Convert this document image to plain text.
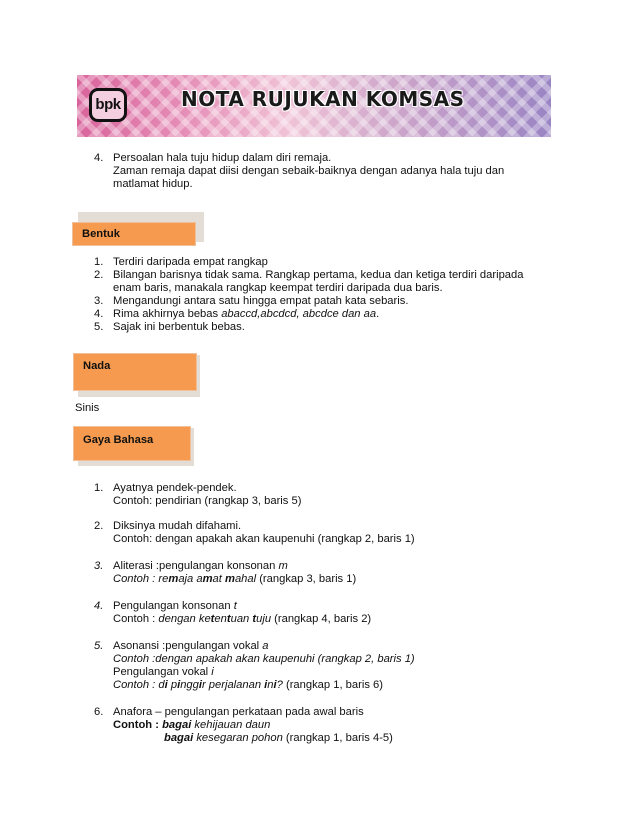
bpk	NOTA RUJUKAN KOMSAS
4. Persoalan hala tuju hidup dalam diri remaja.
Zaman remaja dapat diisi dengan sebaik-baiknya dengan adanya hala tuju dan
matlamat hidup.
Bentuk
1. Terdiri daripada empat rangkap
2. Bilangan barisnya tidak sama. Rangkap pertama, kedua dan ketiga terdiri daripada
enam baris, manakala rangkap keempat terdiri daripada dua baris.
3. Mengandungi antara satu hingga empat patah kata sebaris.
4. Rima akhirnya bebas abaccd,abcdcd, abcdce dan aa.
5. Sajak ini berbentuk bebas.
Nada
Sinis
Gaya Bahasa
1. Ayatnya pendek-pendek.
Contoh: pendirian (rangkap 3, baris 5)
2. Diksinya mudah difahami.
Contoh: dengan apakah akan kaupenuhi (rangkap 2, baris 1)
3. Aliterasi :pengulangan konsonan m
Contoh : remaja amat mahal (rangkap 3, baris 1)
4. Pengulangan konsonan t
Contoh : dengan ketentuan tuju (rangkap 4, baris 2)
5. Asonansi :pengulangan vokal a
Contoh :dengan apakah akan kaupenuhi (rangkap 2, baris 1)
Pengulangan vokal i
Contoh : di pinggir perjalanan ini? (rangkap 1, baris 6)
6. Anafora – pengulangan perkataan pada awal baris
Contoh : bagai kehijauan daun
bagai kesegaran pohon (rangkap 1, baris 4-5)
